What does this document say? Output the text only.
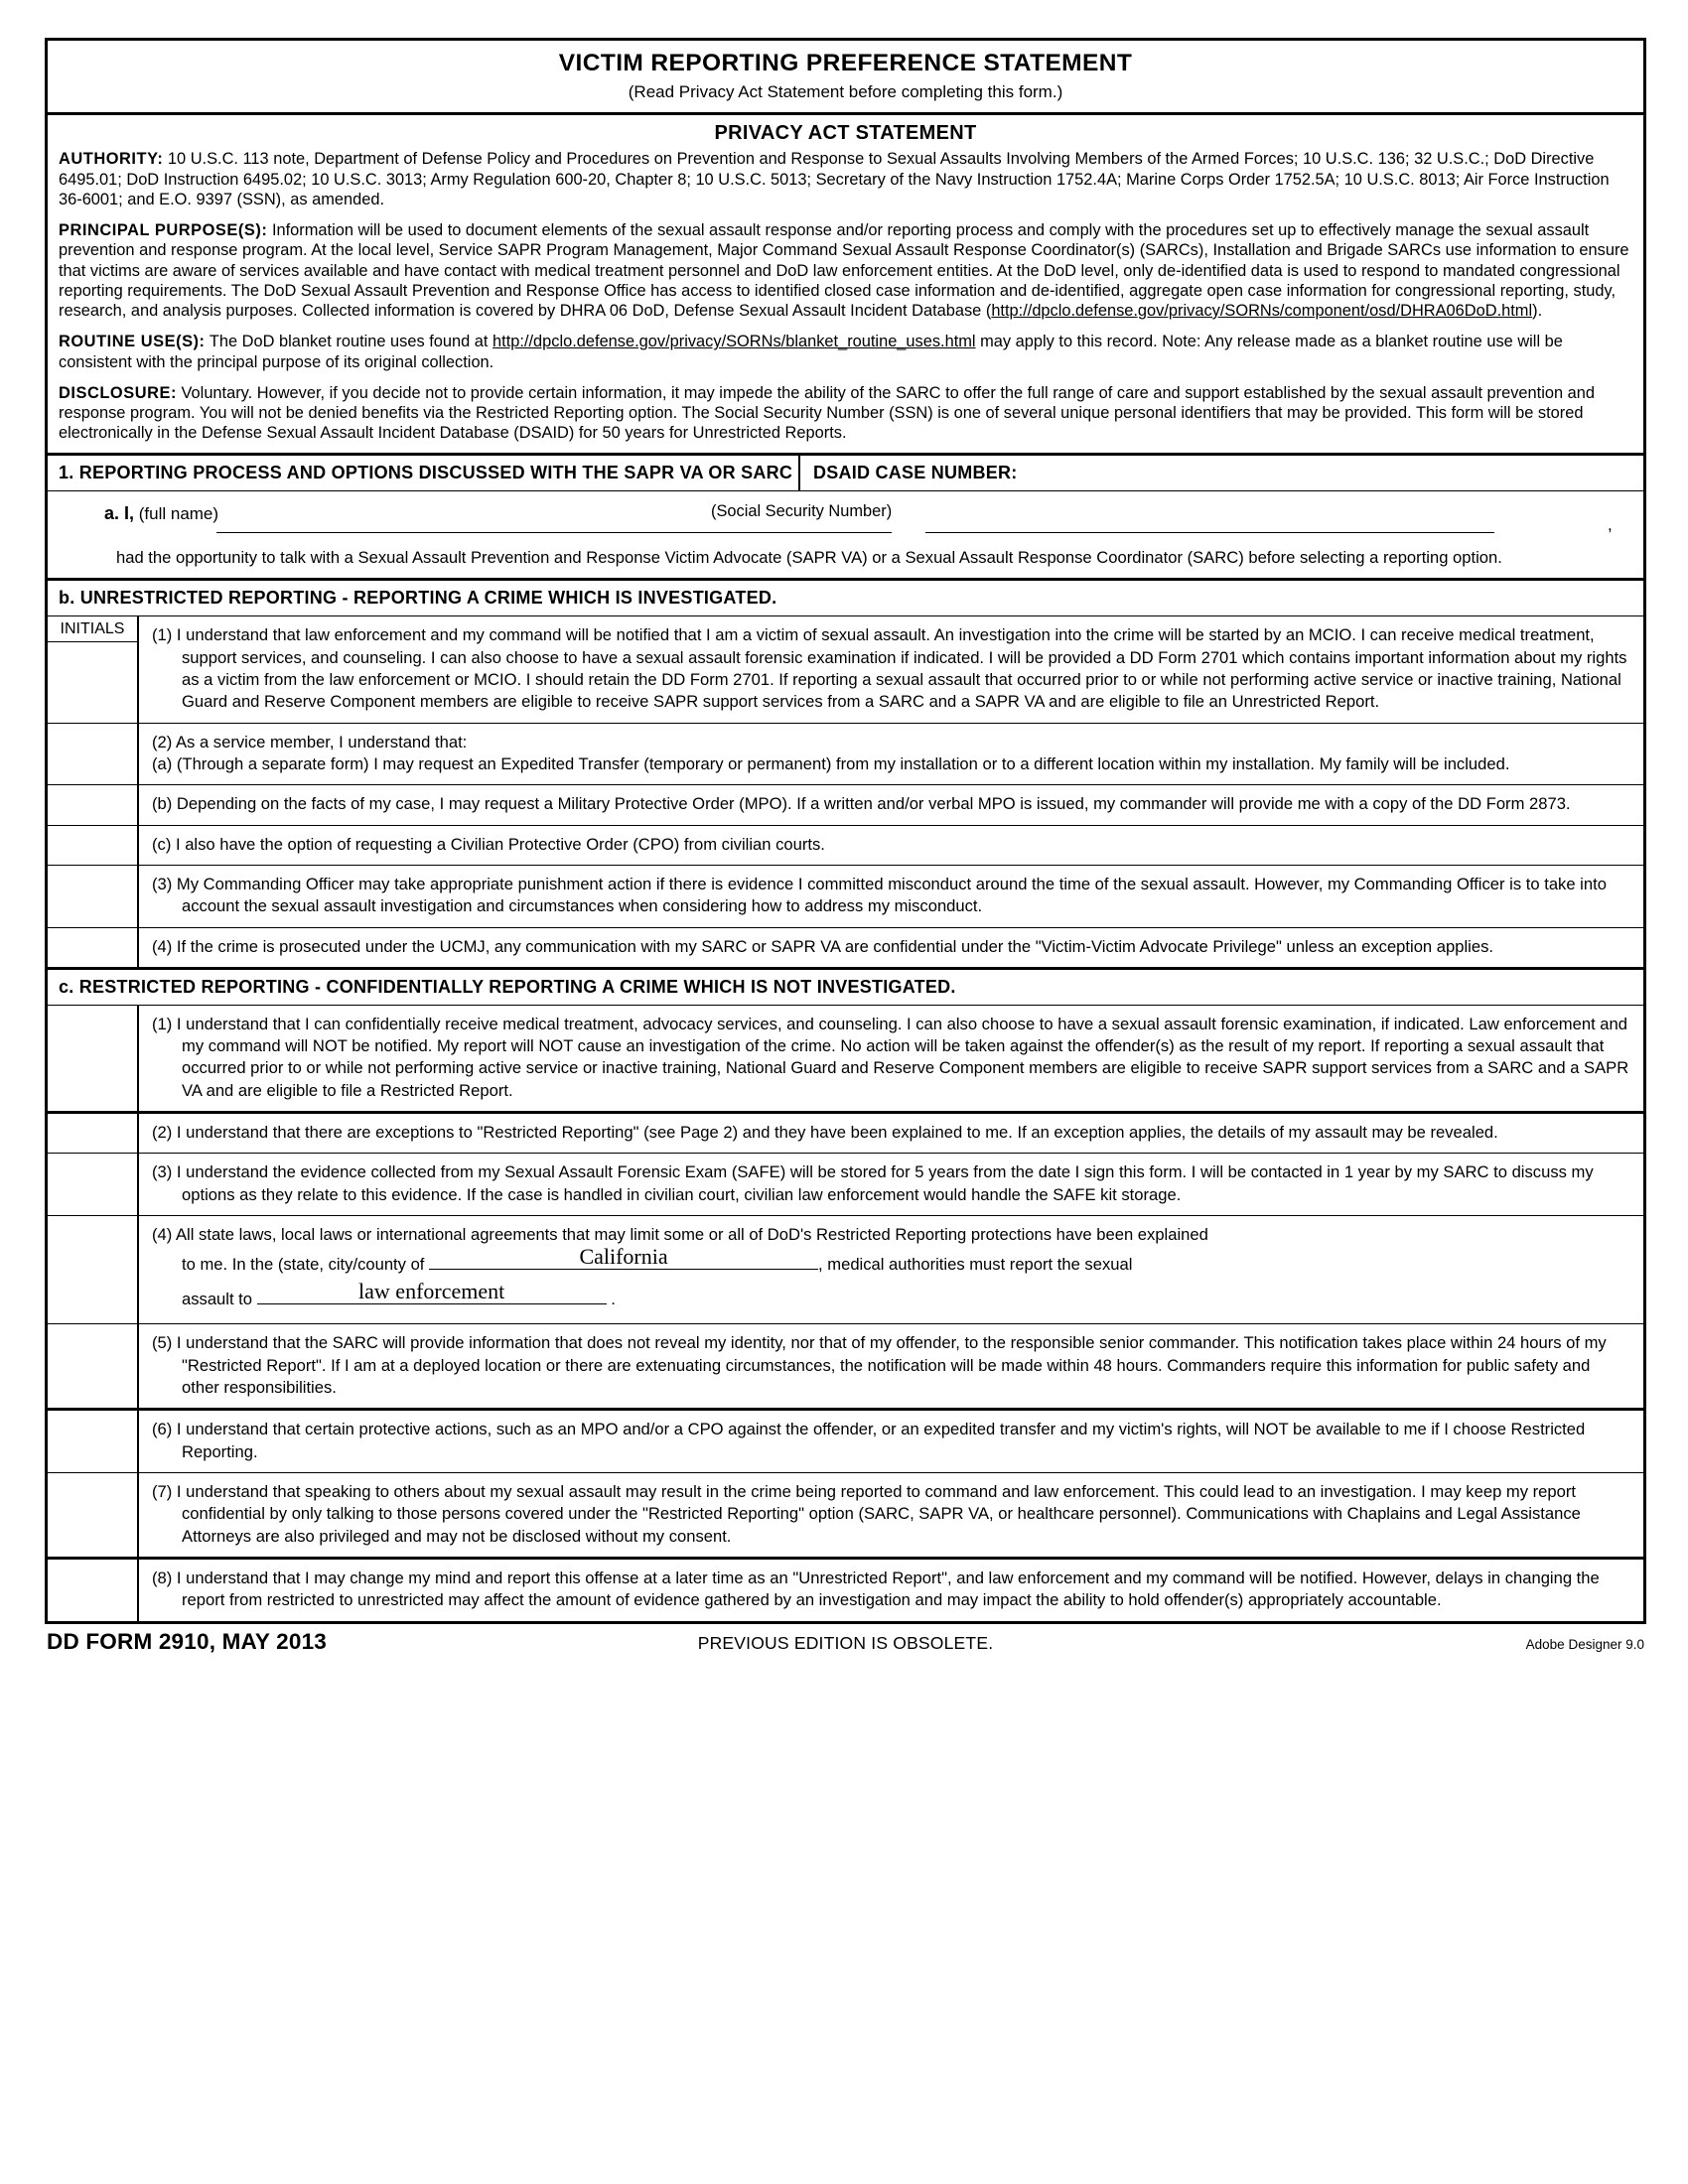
VICTIM REPORTING PREFERENCE STATEMENT
(Read Privacy Act Statement before completing this form.)
PRIVACY ACT STATEMENT

AUTHORITY: 10 U.S.C. 113 note, Department of Defense Policy and Procedures on Prevention and Response to Sexual Assaults Involving Members of the Armed Forces; 10 U.S.C. 136; 32 U.S.C.; DoD Directive 6495.01; DoD Instruction 6495.02; 10 U.S.C. 3013; Army Regulation 600-20, Chapter 8; 10 U.S.C. 5013; Secretary of the Navy Instruction 1752.4A; Marine Corps Order 1752.5A; 10 U.S.C. 8013; Air Force Instruction 36-6001; and E.O. 9397 (SSN), as amended.

PRINCIPAL PURPOSE(S): Information will be used to document elements of the sexual assault response and/or reporting process and comply with the procedures set up to effectively manage the sexual assault prevention and response program. At the local level, Service SAPR Program Management, Major Command Sexual Assault Response Coordinator(s) (SARCs), Installation and Brigade SARCs use information to ensure that victims are aware of services available and have contact with medical treatment personnel and DoD law enforcement entities. At the DoD level, only de-identified data is used to respond to mandated congressional reporting requirements. The DoD Sexual Assault Prevention and Response Office has access to identified closed case information and de-identified, aggregate open case information for congressional reporting, study, research, and analysis purposes. Collected information is covered by DHRA 06 DoD, Defense Sexual Assault Incident Database (http://dpclo.defense.gov/privacy/SORNs/component/osd/DHRA06DoD.html).

ROUTINE USE(S): The DoD blanket routine uses found at http://dpclo.defense.gov/privacy/SORNs/blanket_routine_uses.html may apply to this record. Note: Any release made as a blanket routine use will be consistent with the principal purpose of its original collection.

DISCLOSURE: Voluntary. However, if you decide not to provide certain information, it may impede the ability of the SARC to offer the full range of care and support established by the sexual assault prevention and response program. You will not be denied benefits via the Restricted Reporting option. The Social Security Number (SSN) is one of several unique personal identifiers that may be provided. This form will be stored electronically in the Defense Sexual Assault Incident Database (DSAID) for 50 years for Unrestricted Reports.

1. REPORTING PROCESS AND OPTIONS DISCUSSED WITH THE SAPR VA OR SARC	DSAID CASE NUMBER:
a. I, (full name)	(Social Security Number)
,
had the opportunity to talk with a Sexual Assault Prevention and Response Victim Advocate (SAPR VA) or a Sexual Assault Response Coordinator (SARC) before selecting a reporting option.
b. UNRESTRICTED REPORTING - REPORTING A CRIME WHICH IS INVESTIGATED.
INITIALS	(1) I understand that law enforcement and my command will be notified that I am a victim of sexual assault. An investigation into the crime will be started by an MCIO. I can receive medical treatment, support services, and counseling. I can also choose to have a sexual assault forensic examination if indicated. I will be provided a DD Form 2701 which contains important information about my rights as a victim from the law enforcement or MCIO. I should retain the DD Form 2701. If reporting a sexual assault that occurred prior to or while not performing active service or inactive training, National Guard and Reserve Component members are eligible to receive SAPR support services from a SARC and a SAPR VA and are eligible to file an Unrestricted Report.
(2) As a service member, I understand that:
(a) (Through a separate form) I may request an Expedited Transfer (temporary or permanent) from my installation or to a different location within my installation. My family will be included.
(b) Depending on the facts of my case, I may request a Military Protective Order (MPO). If a written and/or verbal MPO is issued, my commander will provide me with a copy of the DD Form 2873.
(c) I also have the option of requesting a Civilian Protective Order (CPO) from civilian courts.
(3) My Commanding Officer may take appropriate punishment action if there is evidence I committed misconduct around the time of the sexual assault. However, my Commanding Officer is to take into account the sexual assault investigation and circumstances when considering how to address my misconduct.
(4) If the crime is prosecuted under the UCMJ, any communication with my SARC or SAPR VA are confidential under the "Victim-Victim Advocate Privilege" unless an exception applies.
c. RESTRICTED REPORTING - CONFIDENTIALLY REPORTING A CRIME WHICH IS NOT INVESTIGATED.
(1) I understand that I can confidentially receive medical treatment, advocacy services, and counseling. I can also choose to have a sexual assault forensic examination, if indicated. Law enforcement and my command will NOT be notified. My report will NOT cause an investigation of the crime. No action will be taken against the offender(s) as the result of my report. If reporting a sexual assault that occurred prior to or while not performing active service or inactive training, National Guard and Reserve Component members are eligible to receive SAPR support services from a SARC and a SAPR VA and are eligible to file a Restricted Report.
(2) I understand that there are exceptions to "Restricted Reporting" (see Page 2) and they have been explained to me. If an exception applies, the details of my assault may be revealed.
(3) I understand the evidence collected from my Sexual Assault Forensic Exam (SAFE) will be stored for 5 years from the date I sign this form. I will be contacted in 1 year by my SARC to discuss my options as they relate to this evidence. If the case is handled in civilian court, civilian law enforcement would handle the SAFE kit storage.
(4) All state laws, local laws or international agreements that may limit some or all of DoD's Restricted Reporting protections have been explained
to me. In the (state, city/county of	California	, medical authorities must report the sexual
assault to	law enforcement	.
(5) I understand that the SARC will provide information that does not reveal my identity, nor that of my offender, to the responsible senior commander. This notification takes place within 24 hours of my "Restricted Report". If I am at a deployed location or there are extenuating circumstances, the notification will be made within 48 hours. Commanders require this information for public safety and other responsibilities.
(6) I understand that certain protective actions, such as an MPO and/or a CPO against the offender, or an expedited transfer and my victim's rights, will NOT be available to me if I choose Restricted Reporting.
(7) I understand that speaking to others about my sexual assault may result in the crime being reported to command and law enforcement. This could lead to an investigation. I may keep my report confidential by only talking to those persons covered under the "Restricted Reporting" option (SARC, SAPR VA, or healthcare personnel). Communications with Chaplains and Legal Assistance Attorneys are also privileged and may not be disclosed without my consent.
(8) I understand that I may change my mind and report this offense at a later time as an "Unrestricted Report", and law enforcement and my command will be notified. However, delays in changing the report from restricted to unrestricted may affect the amount of evidence gathered by an investigation and may impact the ability to hold offender(s) appropriately accountable.
DD FORM 2910, MAY 2013	PREVIOUS EDITION IS OBSOLETE.	Adobe Designer 9.0
